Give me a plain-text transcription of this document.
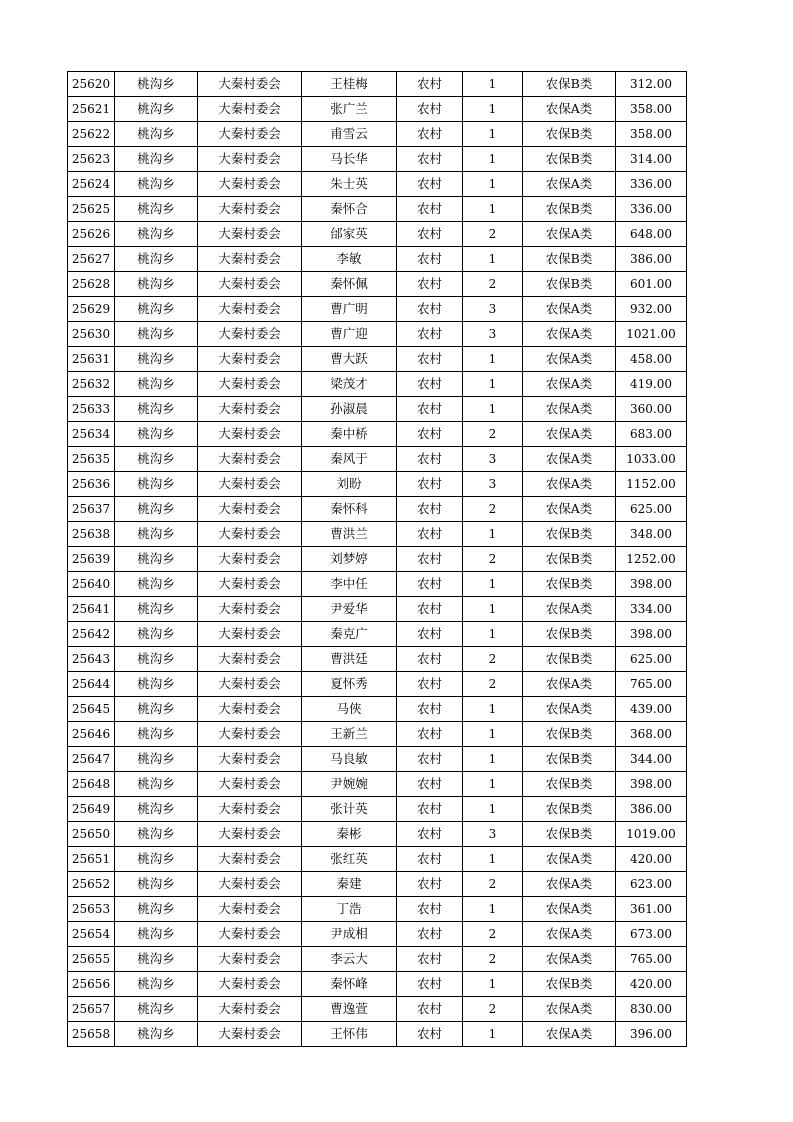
25620	桃沟乡	大秦村委会	王桂梅	农村	1	农保B类	312.00
25621	桃沟乡	大秦村委会	张广兰	农村	1	农保A类	358.00
25622	桃沟乡	大秦村委会	甫雪云	农村	1	农保B类	358.00
25623	桃沟乡	大秦村委会	马长华	农村	1	农保B类	314.00
25624	桃沟乡	大秦村委会	朱士英	农村	1	农保A类	336.00
25625	桃沟乡	大秦村委会	秦怀合	农村	1	农保B类	336.00
25626	桃沟乡	大秦村委会	邰家英	农村	2	农保A类	648.00
25627	桃沟乡	大秦村委会	李敏	农村	1	农保B类	386.00
25628	桃沟乡	大秦村委会	秦怀佩	农村	2	农保B类	601.00
25629	桃沟乡	大秦村委会	曹广明	农村	3	农保A类	932.00
25630	桃沟乡	大秦村委会	曹广迎	农村	3	农保A类	1021.00
25631	桃沟乡	大秦村委会	曹大跃	农村	1	农保A类	458.00
25632	桃沟乡	大秦村委会	梁茂才	农村	1	农保A类	419.00
25633	桃沟乡	大秦村委会	孙淑晨	农村	1	农保A类	360.00
25634	桃沟乡	大秦村委会	秦中桥	农村	2	农保A类	683.00
25635	桃沟乡	大秦村委会	秦风于	农村	3	农保A类	1033.00
25636	桃沟乡	大秦村委会	刘盼	农村	3	农保A类	1152.00
25637	桃沟乡	大秦村委会	秦怀科	农村	2	农保A类	625.00
25638	桃沟乡	大秦村委会	曹洪兰	农村	1	农保B类	348.00
25639	桃沟乡	大秦村委会	刘梦婷	农村	2	农保B类	1252.00
25640	桃沟乡	大秦村委会	李中任	农村	1	农保B类	398.00
25641	桃沟乡	大秦村委会	尹爱华	农村	1	农保A类	334.00
25642	桃沟乡	大秦村委会	秦克广	农村	1	农保B类	398.00
25643	桃沟乡	大秦村委会	曹洪廷	农村	2	农保B类	625.00
25644	桃沟乡	大秦村委会	夏怀秀	农村	2	农保A类	765.00
25645	桃沟乡	大秦村委会	马俠	农村	1	农保A类	439.00
25646	桃沟乡	大秦村委会	王新兰	农村	1	农保B类	368.00
25647	桃沟乡	大秦村委会	马良敏	农村	1	农保B类	344.00
25648	桃沟乡	大秦村委会	尹婉婉	农村	1	农保B类	398.00
25649	桃沟乡	大秦村委会	张计英	农村	1	农保B类	386.00
25650	桃沟乡	大秦村委会	秦彬	农村	3	农保B类	1019.00
25651	桃沟乡	大秦村委会	张红英	农村	1	农保A类	420.00
25652	桃沟乡	大秦村委会	秦建	农村	2	农保A类	623.00
25653	桃沟乡	大秦村委会	丁浩	农村	1	农保A类	361.00
25654	桃沟乡	大秦村委会	尹成相	农村	2	农保A类	673.00
25655	桃沟乡	大秦村委会	李云大	农村	2	农保A类	765.00
25656	桃沟乡	大秦村委会	秦怀峰	农村	1	农保B类	420.00
25657	桃沟乡	大秦村委会	曹逸萱	农村	2	农保A类	830.00
25658	桃沟乡	大秦村委会	王怀伟	农村	1	农保A类	396.00
